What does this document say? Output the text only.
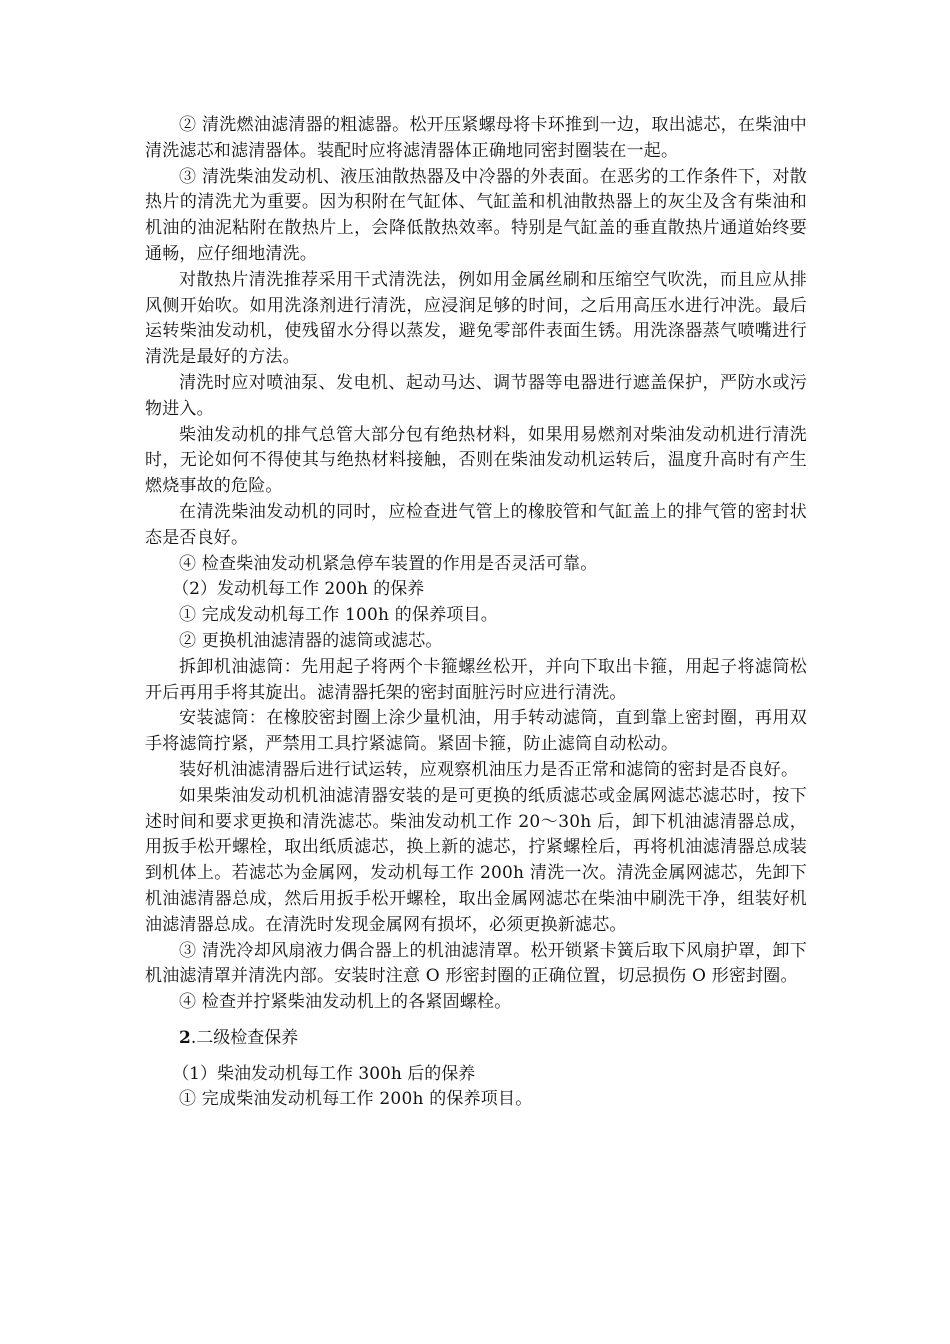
② 清洗燃油滤清器的粗滤器。松开压紧螺母将卡环推到一边，取出滤芯，在柴油中清洗滤芯和滤清器体。装配时应将滤清器体正确地同密封圈装在一起。

③ 清洗柴油发动机、液压油散热器及中冷器的外表面。在恶劣的工作条件下，对散热片的清洗尤为重要。因为积附在气缸体、气缸盖和机油散热器上的灰尘及含有柴油和机油的油泥粘附在散热片上，会降低散热效率。特别是气缸盖的垂直散热片通道始终要通畅，应仔细地清洗。

对散热片清洗推荐采用干式清洗法，例如用金属丝刷和压缩空气吹洗，而且应从排风侧开始吹。如用洗涤剂进行清洗，应浸润足够的时间，之后用高压水进行冲洗。最后运转柴油发动机，使残留水分得以蒸发，避免零部件表面生锈。用洗涤器蒸气喷嘴进行清洗是最好的方法。

清洗时应对喷油泵、发电机、起动马达、调节器等电器进行遮盖保护，严防水或污物进入。

柴油发动机的排气总管大部分包有绝热材料，如果用易燃剂对柴油发动机进行清洗时，无论如何不得使其与绝热材料接触，否则在柴油发动机运转后，温度升高时有产生燃烧事故的危险。

在清洗柴油发动机的同时，应检查进气管上的橡胶管和气缸盖上的排气管的密封状态是否良好。

④ 检查柴油发动机紧急停车装置的作用是否灵活可靠。

（2）发动机每工作 200h 的保养

① 完成发动机每工作 100h 的保养项目。

② 更换机油滤清器的滤筒或滤芯。

拆卸机油滤筒：先用起子将两个卡箍螺丝松开，并向下取出卡箍，用起子将滤筒松开后再用手将其旋出。滤清器托架的密封面脏污时应进行清洗。

安装滤筒：在橡胶密封圈上涂少量机油，用手转动滤筒，直到靠上密封圈，再用双手将滤筒拧紧，严禁用工具拧紧滤筒。紧固卡箍，防止滤筒自动松动。

装好机油滤清器后进行试运转，应观察机油压力是否正常和滤筒的密封是否良好。

如果柴油发动机机油滤清器安装的是可更换的纸质滤芯或金属网滤芯滤芯时，按下述时间和要求更换和清洗滤芯。柴油发动机工作 20～30h 后，卸下机油滤清器总成，用扳手松开螺栓，取出纸质滤芯，换上新的滤芯，拧紧螺栓后，再将机油滤清器总成装到机体上。若滤芯为金属网，发动机每工作 200h 清洗一次。清洗金属网滤芯，先卸下机油滤清器总成，然后用扳手松开螺栓，取出金属网滤芯在柴油中刷洗干净，组装好机油滤清器总成。在清洗时发现金属网有损坏，必须更换新滤芯。

③ 清洗冷却风扇液力偶合器上的机油滤清罩。松开锁紧卡簧后取下风扇护罩，卸下机油滤清罩并清洗内部。安装时注意 O 形密封圈的正确位置，切忌损伤 O 形密封圈。

④ 检查并拧紧柴油发动机上的各紧固螺栓。

2.二级检查保养

（1）柴油发动机每工作 300h 后的保养

① 完成柴油发动机每工作 200h 的保养项目。
